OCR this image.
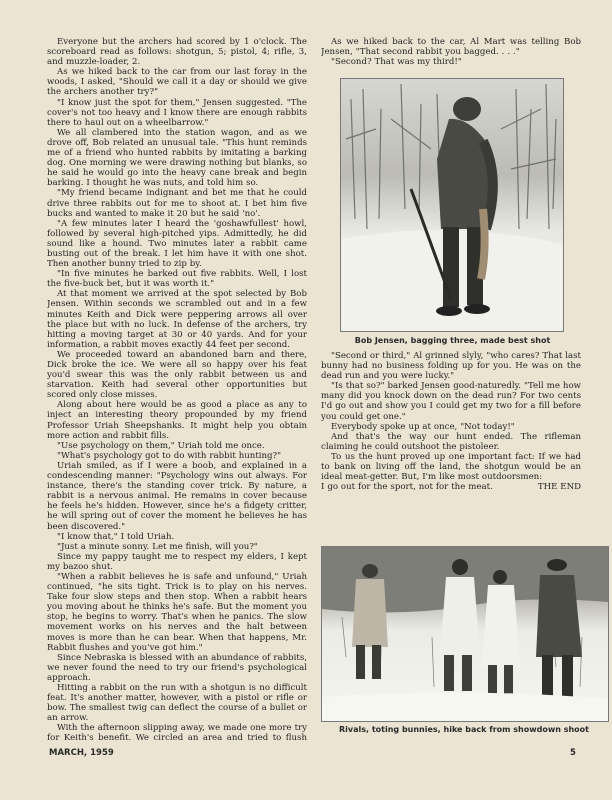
Everyone but the archers had scored by 1 o'clock. The scoreboard read as follows: shotgun, 5; pistol, 4; rifle, 3, and muzzle-loader, 2.

As we hiked back to the car from our last foray in the woods, I asked, "Should we call it a day or should we give the archers another try?"

"I know just the spot for them," Jensen suggested. "The cover's not too heavy and I know there are enough rabbits there to haul out on a wheelbarrow."

We all clambered into the station wagon, and as we drove off, Bob related an unusual tale. "This hunt reminds me of a friend who hunted rabbits by imitating a barking dog. One morning we were drawing nothing but blanks, so he said he would go into the heavy cane break and begin barking. I thought he was nuts, and told him so.

"My friend became indignant and bet me that he could drive three rabbits out for me to shoot at. I bet him five bucks and wanted to make it 20 but he said 'no'.

"A few minutes later I heard the 'goshawfullest' howl, followed by several high-pitched yips. Admittedly, he did sound like a hound. Two minutes later a rabbit came busting out of the break. I let him have it with one shot. Then another bunny tried to zip by.

"In five minutes he barked out five rabbits. Well, I lost the five-buck bet, but it was worth it."

At that moment we arrived at the spot selected by Bob Jensen. Within seconds we scrambled out and in a few minutes Keith and Dick were peppering arrows all over the place but with no luck. In defense of the archers, try hitting a moving target at 30 or 40 yards. And for your information, a rabbit moves exactly 44 feet per second.

We proceeded toward an abandoned barn and there, Dick broke the ice. We were all so happy over his feat you'd swear this was the only rabbit between us and starvation. Keith had several other opportunities but scored only close misses.

Along about here would be as good a place as any to inject an interesting theory propounded by my friend Professor Uriah Sheepshanks. It might help you obtain more action and rabbit fills.

"Use psychology on them," Uriah told me once.

"What's psychology got to do with rabbit hunting?"

Uriah smiled, as if I were a boob, and explained in a condescending manner: "Psychology wins out always. For instance, there's the standing cover trick. By nature, a rabbit is a nervous animal. He remains in cover because he feels he's hidden. However, since he's a fidgety critter, he will spring out of cover the moment he believes he has been discovered."

"I know that," I told Uriah.

"Just a minute sonny. Let me finish, will you?"

Since my pappy taught me to respect my elders, I kept my bazoo shut.

"When a rabbit believes he is safe and unfound," Uriah continued, "he sits tight. Trick is to play on his nerves. Take four slow steps and then stop. When a rabbit hears you moving about he thinks he's safe. But the moment you stop, he begins to worry. That's when he panics. The slow movement works on his nerves and the halt between moves is more than he can bear. When that happens, Mr. Rabbit flushes and you've got him."

Since Nebraska is blessed with an abundance of rabbits, we never found the need to try our friend's psychological approach.

Hitting a rabbit on the run with a shotgun is no difficult feat. It's another matter, however, with a pistol or rifle or bow. The smallest twig can deflect the course of a bullet or an arrow.

With the afternoon slipping away, we made one more try for Keith's benefit. We circled an area and tried to flush

As we hiked back to the car, Al Mart was telling Bob Jensen, "That second rabbit you bagged. . . ."

"Second? That was my third!"

Bob Jensen, bagging three, made best shot

"Second or third," Al grinned slyly, "who cares? That last bunny had no business folding up for you. He was on the dead run and you were lucky."

"Is that so?" barked Jensen good-naturedly. "Tell me how many did you knock down on the dead run? For two cents I'd go out and show you I could get my two for a fill before you could get one."

Everybody spoke up at once, "Not today!"

And that's the way our hunt ended. The rifleman claiming he could outshoot the pistoleer.

To us the hunt proved up one important fact: If we had to bank on living off the land, the shotgun would be an ideal meat-getter. But, I'm like most outdoorsmen:

I go out for the sport, not for the meat.	THE END

Rivals, toting bunnies, hike back from showdown shoot
MARCH, 1959	5
